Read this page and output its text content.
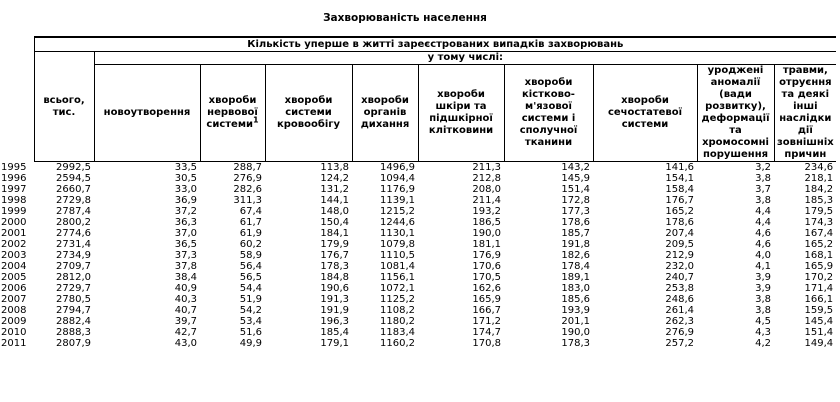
Захворюваність населення
	Кількість уперше в житті зареєстрованих випадків захворювань									
	всього, тис.	у тому числі:								
		новоутворення	хвороби нервової системи$^1$	хвороби системи кровообігу	хвороби органів дихання	хвороби шкіри та підшкірної клітковини	хвороби кістково-м'язової системи і сполучної тканини	хвороби сечостатевої системи	уроджені аномалії (вади розвитку), деформації та хромосомні порушення	травми, отруєння та деякі інші наслідки дії зовнішніх причин
1995	2992,5	33,5	288,7	113,8	1496,9	211,3	143,2	141,6	3,2	234,6
1996	2594,5	30,5	276,9	124,2	1094,4	212,8	145,9	154,1	3,8	218,1
1997	2660,7	33,0	282,6	131,2	1176,9	208,0	151,4	158,4	3,7	184,2
1998	2729,8	36,9	311,3	144,1	1139,1	211,4	172,8	176,7	3,8	185,3
1999	2787,4	37,2	67,4	148,0	1215,2	193,2	177,3	165,2	4,4	179,5
2000	2800,2	36,3	61,7	150,4	1244,6	186,5	178,6	178,6	4,4	174,3
2001	2774,6	37,0	61,9	184,1	1130,1	190,0	185,7	207,4	4,6	167,4
2002	2731,4	36,5	60,2	179,9	1079,8	181,1	191,8	209,5	4,6	165,2
2003	2734,9	37,3	58,9	176,7	1110,5	176,9	182,6	212,9	4,0	168,1
2004	2709,7	37,8	56,4	178,3	1081,4	170,6	178,4	232,0	4,1	165,9
2005	2812,0	38,4	56,5	184,8	1156,1	170,5	189,1	240,7	3,9	170,2
2006	2729,7	40,9	54,4	190,6	1072,1	162,6	183,0	253,8	3,9	171,4
2007	2780,5	40,3	51,9	191,3	1125,2	165,9	185,6	248,6	3,8	166,1
2008	2794,7	40,7	54,2	191,9	1108,2	166,7	193,9	261,4	3,8	159,5
2009	2882,4	39,7	53,4	196,3	1180,2	171,2	201,1	262,3	4,5	145,4
2010	2888,3	42,7	51,6	185,4	1183,4	174,7	190,0	276,9	4,3	151,4
2011	2807,9	43,0	49,9	179,1	1160,2	170,8	178,3	257,2	4,2	149,4
